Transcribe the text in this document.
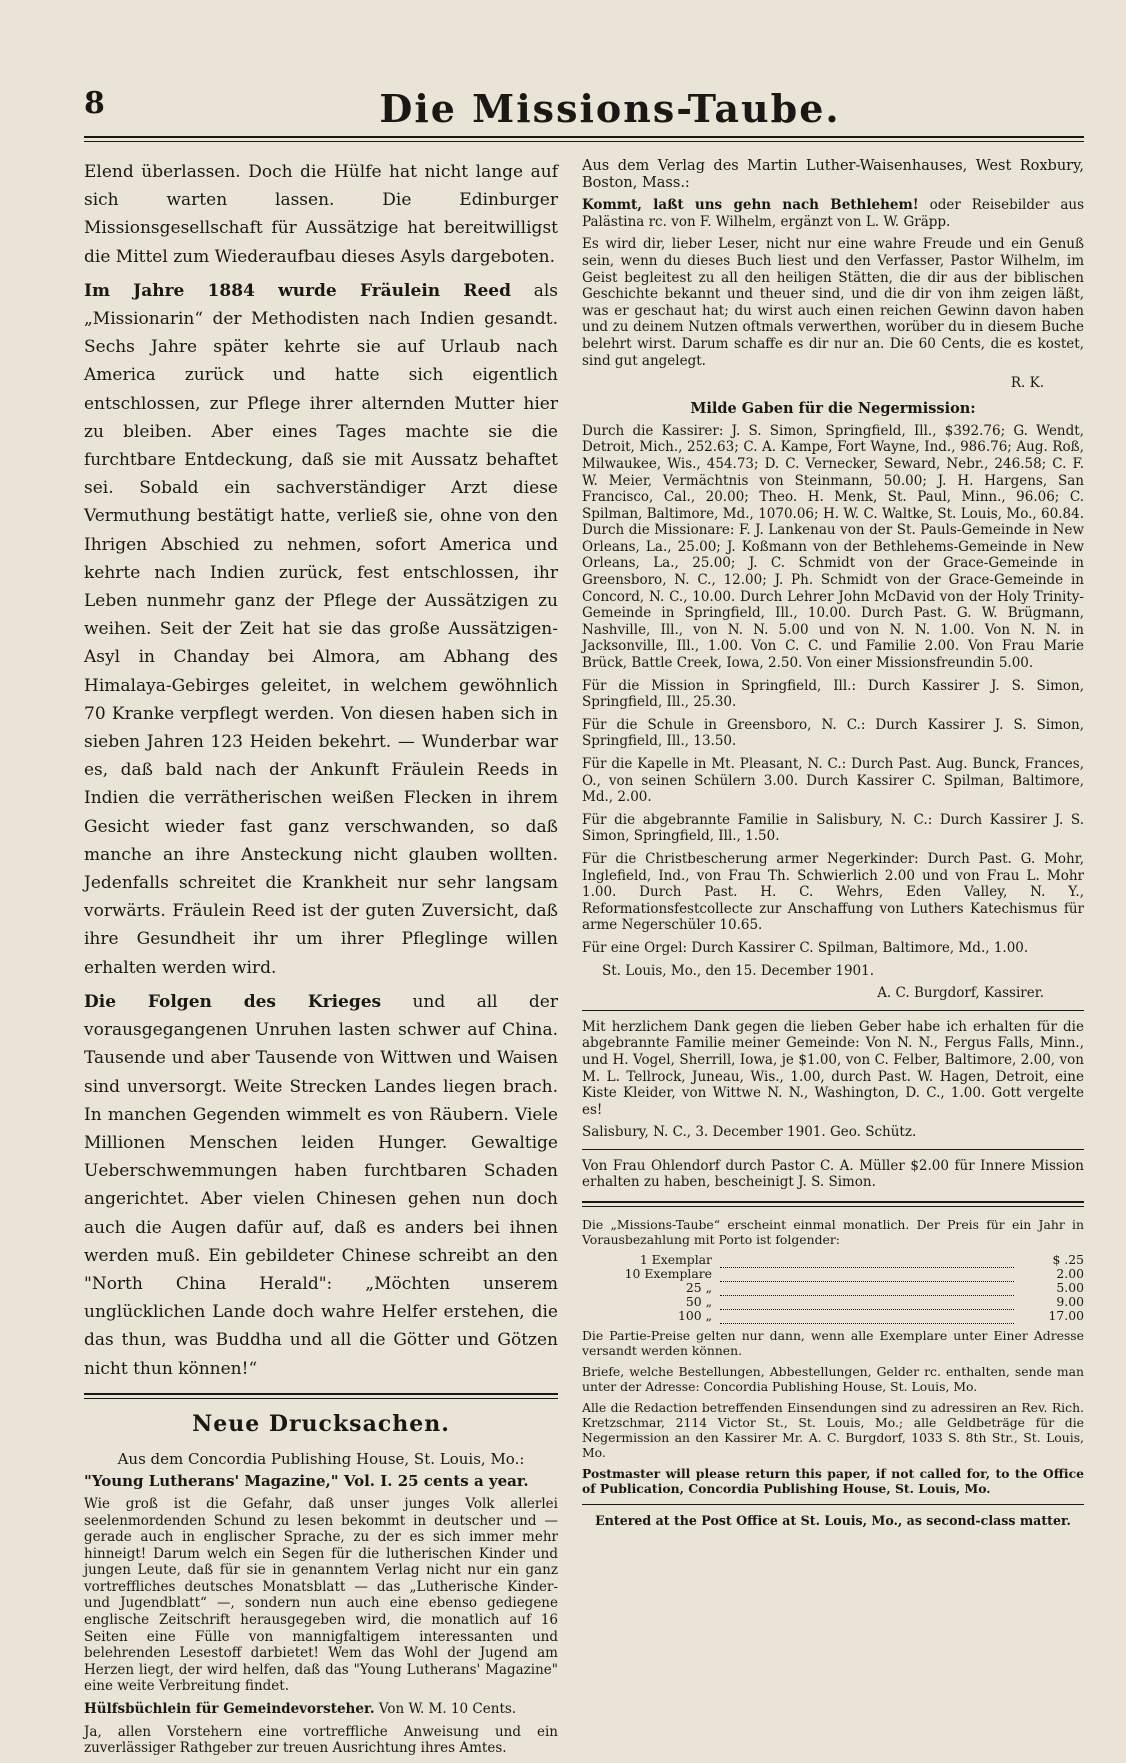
8	Die Missions-Taube.

Elend überlassen. Doch die Hülfe hat nicht lange auf sich warten lassen. Die Edinburger Missionsgesellschaft für Aussätzige hat bereitwilligst die Mittel zum Wiederaufbau dieses Asyls dargeboten.

Im Jahre 1884 wurde Fräulein Reed als „Missionarin“ der Methodisten nach Indien gesandt. Sechs Jahre später kehrte sie auf Urlaub nach America zurück und hatte sich eigentlich entschlossen, zur Pflege ihrer alternden Mutter hier zu bleiben. Aber eines Tages machte sie die furchtbare Entdeckung, daß sie mit Aussatz behaftet sei. Sobald ein sachverständiger Arzt diese Vermuthung bestätigt hatte, verließ sie, ohne von den Ihrigen Abschied zu nehmen, sofort America und kehrte nach Indien zurück, fest entschlossen, ihr Leben nunmehr ganz der Pflege der Aussätzigen zu weihen. Seit der Zeit hat sie das große Aussätzigen-Asyl in Chanday bei Almora, am Abhang des Himalaya-Gebirges geleitet, in welchem gewöhnlich 70 Kranke verpflegt werden. Von diesen haben sich in sieben Jahren 123 Heiden bekehrt. — Wunderbar war es, daß bald nach der Ankunft Fräulein Reeds in Indien die verrätherischen weißen Flecken in ihrem Gesicht wieder fast ganz verschwanden, so daß manche an ihre Ansteckung nicht glauben wollten. Jedenfalls schreitet die Krankheit nur sehr langsam vorwärts. Fräulein Reed ist der guten Zuversicht, daß ihre Gesundheit ihr um ihrer Pfleglinge willen erhalten werden wird.

Die Folgen des Krieges und all der vorausgegangenen Unruhen lasten schwer auf China. Tausende und aber Tausende von Wittwen und Waisen sind unversorgt. Weite Strecken Landes liegen brach. In manchen Gegenden wimmelt es von Räubern. Viele Millionen Menschen leiden Hunger. Gewaltige Ueberschwemmungen haben furchtbaren Schaden angerichtet. Aber vielen Chinesen gehen nun doch auch die Augen dafür auf, daß es anders bei ihnen werden muß. Ein gebildeter Chinese schreibt an den "North China Herald": „Möchten unserem unglücklichen Lande doch wahre Helfer erstehen, die das thun, was Buddha und all die Götter und Götzen nicht thun können!“

Neue Drucksachen.

Aus dem Concordia Publishing House, St. Louis, Mo.:

"Young Lutherans' Magazine," Vol. I. 25 cents a year.

Wie groß ist die Gefahr, daß unser junges Volk allerlei seelenmordenden Schund zu lesen bekommt in deutscher und — gerade auch in englischer Sprache, zu der es sich immer mehr hinneigt! Darum welch ein Segen für die lutherischen Kinder und jungen Leute, daß für sie in genanntem Verlag nicht nur ein ganz vortreffliches deutsches Monatsblatt — das „Lutherische Kinder- und Jugendblatt“ —, sondern nun auch eine ebenso gediegene englische Zeitschrift herausgegeben wird, die monatlich auf 16 Seiten eine Fülle von mannigfaltigem interessanten und belehrenden Lesestoff darbietet! Wem das Wohl der Jugend am Herzen liegt, der wird helfen, daß das "Young Lutherans' Magazine" eine weite Verbreitung findet.

Hülfsbüchlein für Gemeindevorsteher. Von W. M. 10 Cents.

Ja, allen Vorstehern eine vortreffliche Anweisung und ein zuverlässiger Rathgeber zur treuen Ausrichtung ihres Amtes.

Aus dem Verlag des Martin Luther-Waisenhauses, West Roxbury, Boston, Mass.:

Kommt, laßt uns gehn nach Bethlehem! oder Reisebilder aus Palästina rc. von F. Wilhelm, ergänzt von L. W. Gräpp.

Es wird dir, lieber Leser, nicht nur eine wahre Freude und ein Genuß sein, wenn du dieses Buch liest und den Verfasser, Pastor Wilhelm, im Geist begleitest zu all den heiligen Stätten, die dir aus der biblischen Geschichte bekannt und theuer sind, und die dir von ihm zeigen läßt, was er geschaut hat; du wirst auch einen reichen Gewinn davon haben und zu deinem Nutzen oftmals verwerthen, worüber du in diesem Buche belehrt wirst. Darum schaffe es dir nur an. Die 60 Cents, die es kostet, sind gut angelegt.

R. K.

Milde Gaben für die Negermission:

Durch die Kassirer: J. S. Simon, Springfield, Ill., $392.76; G. Wendt, Detroit, Mich., 252.63; C. A. Kampe, Fort Wayne, Ind., 986.76; Aug. Roß, Milwaukee, Wis., 454.73; D. C. Vernecker, Seward, Nebr., 246.58; C. F. W. Meier, Vermächtnis von Steinmann, 50.00; J. H. Hargens, San Francisco, Cal., 20.00; Theo. H. Menk, St. Paul, Minn., 96.06; C. Spilman, Baltimore, Md., 1070.06; H. W. C. Waltke, St. Louis, Mo., 60.84. Durch die Missionare: F. J. Lankenau von der St. Pauls-Gemeinde in New Orleans, La., 25.00; J. Koßmann von der Bethlehems-Gemeinde in New Orleans, La., 25.00; J. C. Schmidt von der Grace-Gemeinde in Greensboro, N. C., 12.00; J. Ph. Schmidt von der Grace-Gemeinde in Concord, N. C., 10.00. Durch Lehrer John McDavid von der Holy Trinity-Gemeinde in Springfield, Ill., 10.00. Durch Past. G. W. Brügmann, Nashville, Ill., von N. N. 5.00 und von N. N. 1.00. Von N. N. in Jacksonville, Ill., 1.00. Von C. C. und Familie 2.00. Von Frau Marie Brück, Battle Creek, Iowa, 2.50. Von einer Missionsfreundin 5.00.

Für die Mission in Springfield, Ill.: Durch Kassirer J. S. Simon, Springfield, Ill., 25.30.

Für die Schule in Greensboro, N. C.: Durch Kassirer J. S. Simon, Springfield, Ill., 13.50.

Für die Kapelle in Mt. Pleasant, N. C.: Durch Past. Aug. Bunck, Frances, O., von seinen Schülern 3.00. Durch Kassirer C. Spilman, Baltimore, Md., 2.00.

Für die abgebrannte Familie in Salisbury, N. C.: Durch Kassirer J. S. Simon, Springfield, Ill., 1.50.

Für die Christbescherung armer Negerkinder: Durch Past. G. Mohr, Inglefield, Ind., von Frau Th. Schwierlich 2.00 und von Frau L. Mohr 1.00. Durch Past. H. C. Wehrs, Eden Valley, N. Y., Reformationsfestcollecte zur Anschaffung von Luthers Katechismus für arme Negerschüler 10.65.

Für eine Orgel: Durch Kassirer C. Spilman, Baltimore, Md., 1.00.

St. Louis, Mo., den 15. December 1901.

A. C. Burgdorf, Kassirer.

Mit herzlichem Dank gegen die lieben Geber habe ich erhalten für die abgebrannte Familie meiner Gemeinde: Von N. N., Fergus Falls, Minn., und H. Vogel, Sherrill, Iowa, je $1.00, von C. Felber, Baltimore, 2.00, von M. L. Tellrock, Juneau, Wis., 1.00, durch Past. W. Hagen, Detroit, eine Kiste Kleider, von Wittwe N. N., Washington, D. C., 1.00. Gott vergelte es!

Salisbury, N. C., 3. December 1901. Geo. Schütz.

Von Frau Ohlendorf durch Pastor C. A. Müller $2.00 für Innere Mission erhalten zu haben, bescheinigt J. S. Simon.

Die „Missions-Taube“ erscheint einmal monatlich. Der Preis für ein Jahr in Vorausbezahlung mit Porto ist folgender:

1 Exemplar		$ .25
10 Exemplare		2.00
25 „		5.00
50 „		9.00
100 „		17.00

Die Partie-Preise gelten nur dann, wenn alle Exemplare unter Einer Adresse versandt werden können.

Briefe, welche Bestellungen, Abbestellungen, Gelder rc. enthalten, sende man unter der Adresse: Concordia Publishing House, St. Louis, Mo.

Alle die Redaction betreffenden Einsendungen sind zu adressiren an Rev. Rich. Kretzschmar, 2114 Victor St., St. Louis, Mo.; alle Geldbeträge für die Negermission an den Kassirer Mr. A. C. Burgdorf, 1033 S. 8th Str., St. Louis, Mo.

Postmaster will please return this paper, if not called for, to the Office of Publication, Concordia Publishing House, St. Louis, Mo.

Entered at the Post Office at St. Louis, Mo., as second-class matter.
